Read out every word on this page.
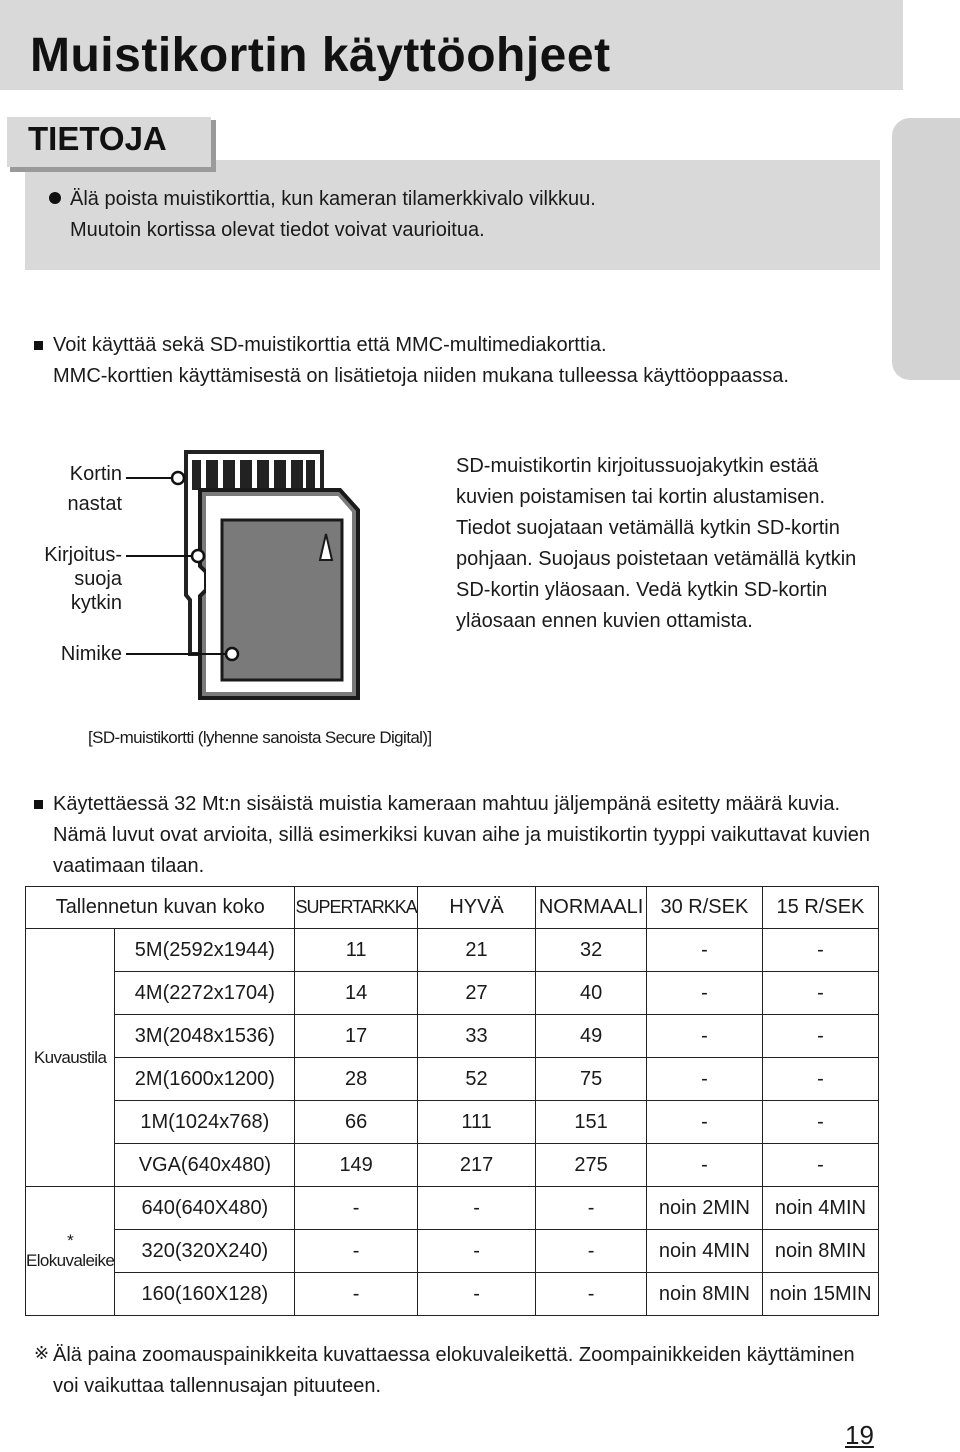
Muistikortin käyttöohjeet
TIETOJA
Älä poista muistikorttia, kun kameran tilamerkkivalo vilkkuu.
Muutoin kortissa olevat tiedot voivat vaurioitua.
Voit käyttää sekä SD-muistikorttia että MMC-multimediakorttia.
MMC-korttien käyttämisestä on lisätietoja niiden mukana tulleessa käyttöoppaassa.
Kortin
nastat
Kirjoitus-
suoja
kytkin
Nimike
SD-muistikortin kirjoitussuojakytkin estää
kuvien poistamisen tai kortin alustamisen.
Tiedot suojataan vetämällä kytkin SD-kortin
pohjaan. Suojaus poistetaan vetämällä kytkin
SD-kortin yläosaan. Vedä kytkin SD-kortin
yläosaan ennen kuvien ottamista.
[SD-muistikortti (lyhenne sanoista Secure Digital)]
Käytettäessä 32 Mt:n sisäistä muistia kameraan mahtuu jäljempänä esitetty määrä kuvia.
Nämä luvut ovat arvioita, sillä esimerkiksi kuvan aihe ja muistikortin tyyppi vaikuttavat kuvien
vaatimaan tilaan.
Tallennetun kuvan koko		SUPERTARKKA	HYVÄ	NORMAALI	30 R/SEK	15 R/SEK
Kuvaustila	5M(2592x1944)	11	21	32	-	-
	4M(2272x1704)	14	27	40	-	-
	3M(2048x1536)	17	33	49	-	-
	2M(1600x1200)	28	52	75	-	-
	1M(1024x768)	66	111	151	-	-
	VGA(640x480)	149	217	275	-	-
* Elokuvaleike	640(640X480)	-	-	-	noin 2MIN	noin 4MIN
	320(320X240)	-	-	-	noin 4MIN	noin 8MIN
	160(160X128)	-	-	-	noin 8MIN	noin 15MIN
※ Älä paina zoomauspainikkeita kuvattaessa elokuvaleikettä. Zoompainikkeiden käyttäminen
voi vaikuttaa tallennusajan pituuteen.
19
